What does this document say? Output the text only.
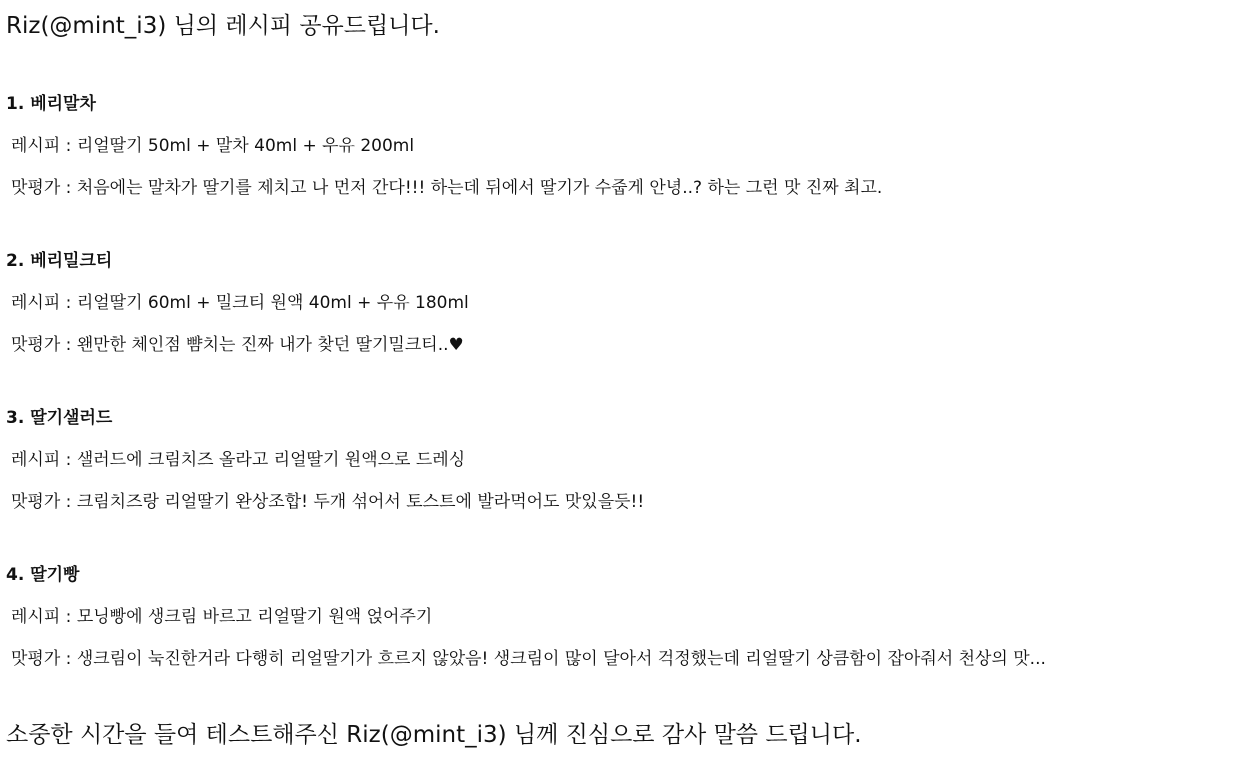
Riz(@mint_i3) 님의 레시피 공유드립니다.
1. 베리말차
레시피 : 리얼딸기 50ml + 말차 40ml + 우유 200ml
맛평가 : 처음에는 말차가 딸기를 제치고 나 먼저 간다!!! 하는데 뒤에서 딸기가 수줍게 안녕..? 하는 그런 맛 진짜 최고.
2. 베리밀크티
레시피 : 리얼딸기 60ml + 밀크티 원액 40ml + 우유 180ml
맛평가 : 왠만한 체인점 뺨치는 진짜 내가 찾던 딸기밀크티..♥
3. 딸기샐러드
레시피 : 샐러드에 크림치즈 올라고 리얼딸기 원액으로 드레싱
맛평가 : 크림치즈랑 리얼딸기 완상조합! 두개 섞어서 토스트에 발라먹어도 맛있을듯!!
4. 딸기빵
레시피 : 모닝빵에 생크림 바르고 리얼딸기 원액 얹어주기
맛평가 : 생크림이 눅진한거라 다행히 리얼딸기가 흐르지 않았음! 생크림이 많이 달아서 걱정했는데 리얼딸기 상큼함이 잡아줘서 천상의 맛...
소중한 시간을 들여 테스트해주신 Riz(@mint_i3) 님께 진심으로 감사 말씀 드립니다.
